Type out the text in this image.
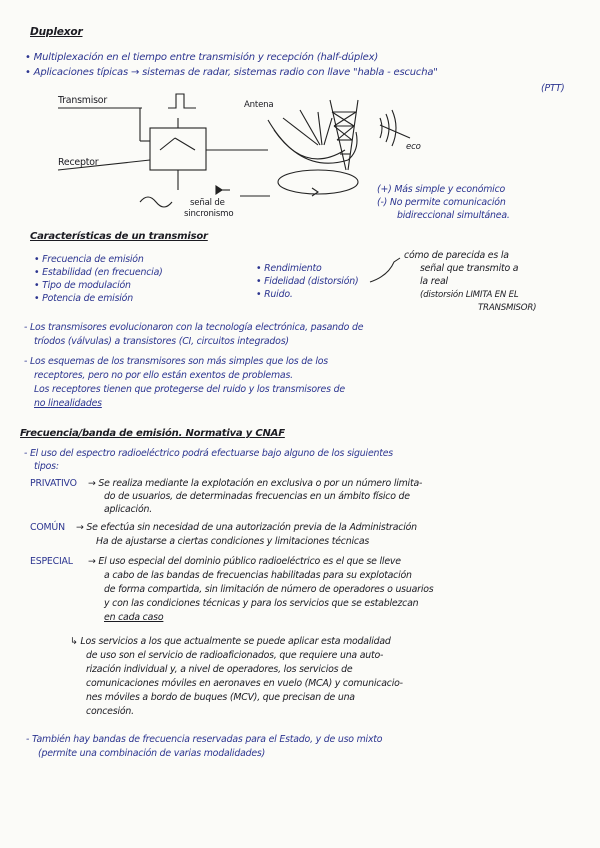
Duplexor
• Multiplexación en el tiempo entre transmisión y recepción (half-dúplex)
• Aplicaciones típicas → sistemas de radar, sistemas radio con llave "habla - escucha"
(PTT)
Transmisor
Receptor
Antena
eco
señal de
sincronismo
(+) Más simple y económico
(-) No permite comunicación
bidireccional simultánea.
Características de un transmisor
• Frecuencia de emisión
• Estabilidad (en frecuencia)
• Tipo de modulación
• Potencia de emisión
• Rendimiento
• Fidelidad (distorsión)
• Ruido.
cómo de parecida es la
señal que transmito a
la real
(distorsión LIMITA EN EL
TRANSMISOR)
- Los transmisores evolucionaron con la tecnología electrónica, pasando de
tríodos (válvulas) a transistores (CI, circuitos integrados)
- Los esquemas de los transmisores son más simples que los de los
receptores, pero no por ello están exentos de problemas.
Los receptores tienen que protegerse del ruido y los transmisores de
no linealidades
Frecuencia/banda de emisión. Normativa y CNAF
- El uso del espectro radioeléctrico podrá efectuarse bajo alguno de los siguientes
tipos:
PRIVATIVO → Se realiza mediante la explotación en exclusiva o por un número limita-
do de usuarios, de determinadas frecuencias en un ámbito físico de
aplicación.
COMÚN → Se efectúa sin necesidad de una autorización previa de la Administración
Ha de ajustarse a ciertas condiciones y limitaciones técnicas
ESPECIAL → El uso especial del dominio público radioeléctrico es el que se lleve
a cabo de las bandas de frecuencias habilitadas para su explotación
de forma compartida, sin limitación de número de operadores o usuarios
y con las condiciones técnicas y para los servicios que se establezcan
en cada caso
↳ Los servicios a los que actualmente se puede aplicar esta modalidad
de uso son el servicio de radioaficionados, que requiere una auto-
rización individual y, a nivel de operadores, los servicios de
comunicaciones móviles en aeronaves en vuelo (MCA) y comunicacio-
nes móviles a bordo de buques (MCV), que precisan de una
concesión.
- También hay bandas de frecuencia reservadas para el Estado, y de uso mixto
(permite una combinación de varias modalidades)
